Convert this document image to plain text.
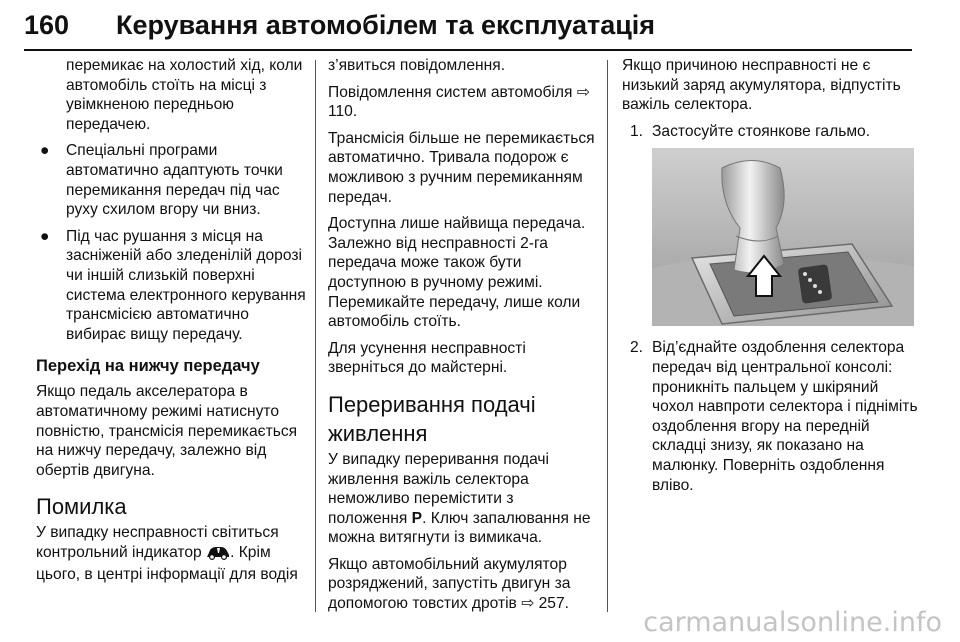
160 Керування автомобілем та експлуатація

перемикає на холостий хід, коли автомобіль стоїть на місці з увімкненою передньою передачею.

● Спеціальні програми автоматично адаптують точки перемикання передач під час руху схилом вгору чи вниз.
● Під час рушання з місця на засніженій або зледенілій дорозі чи іншій слизькій поверхні система електронного керування трансмісією автоматично вибирає вищу передачу.
Перехід на нижчу передачу

Якщо педаль акселератора в автоматичному режимі натиснуто повністю, трансмісія перемикається на нижчу передачу, залежно від обертів двигуна.

Помилка

У випадку несправності світиться контрольний індикатор . Крім цього, в центрі інформації для водія

з’явиться повідомлення.

Повідомлення систем автомобіля ⇨ 110.

Трансмісія більше не перемикається автоматично. Тривала подорож є можливою з ручним перемиканням передач.

Доступна лише найвища передача. Залежно від несправності 2-га передача може також бути доступною в ручному режимі. Перемикайте передачу, лише коли автомобіль стоїть.

Для усунення несправності зверніться до майстерні.

Переривання подачі живлення

У випадку переривання подачі живлення важіль селектора неможливо перемістити з положення P. Ключ запалювання не можна витягнути із вимикача.

Якщо автомобільний акумулятор розряджений, запустіть двигун за допомогою товстих дротів ⇨ 257.

Якщо причиною несправності не є низький заряд акумулятора, відпустіть важіль селектора.

1. Застосуйте стоянкове гальмо.
2. Від’єднайте оздоблення селектора передач від центральної консолі: проникніть пальцем у шкіряний чохол навпроти селектора і підніміть оздоблення вгору на передній складці знизу, як показано на малюнку. Поверніть оздоблення вліво.
carmanualsonline.info
